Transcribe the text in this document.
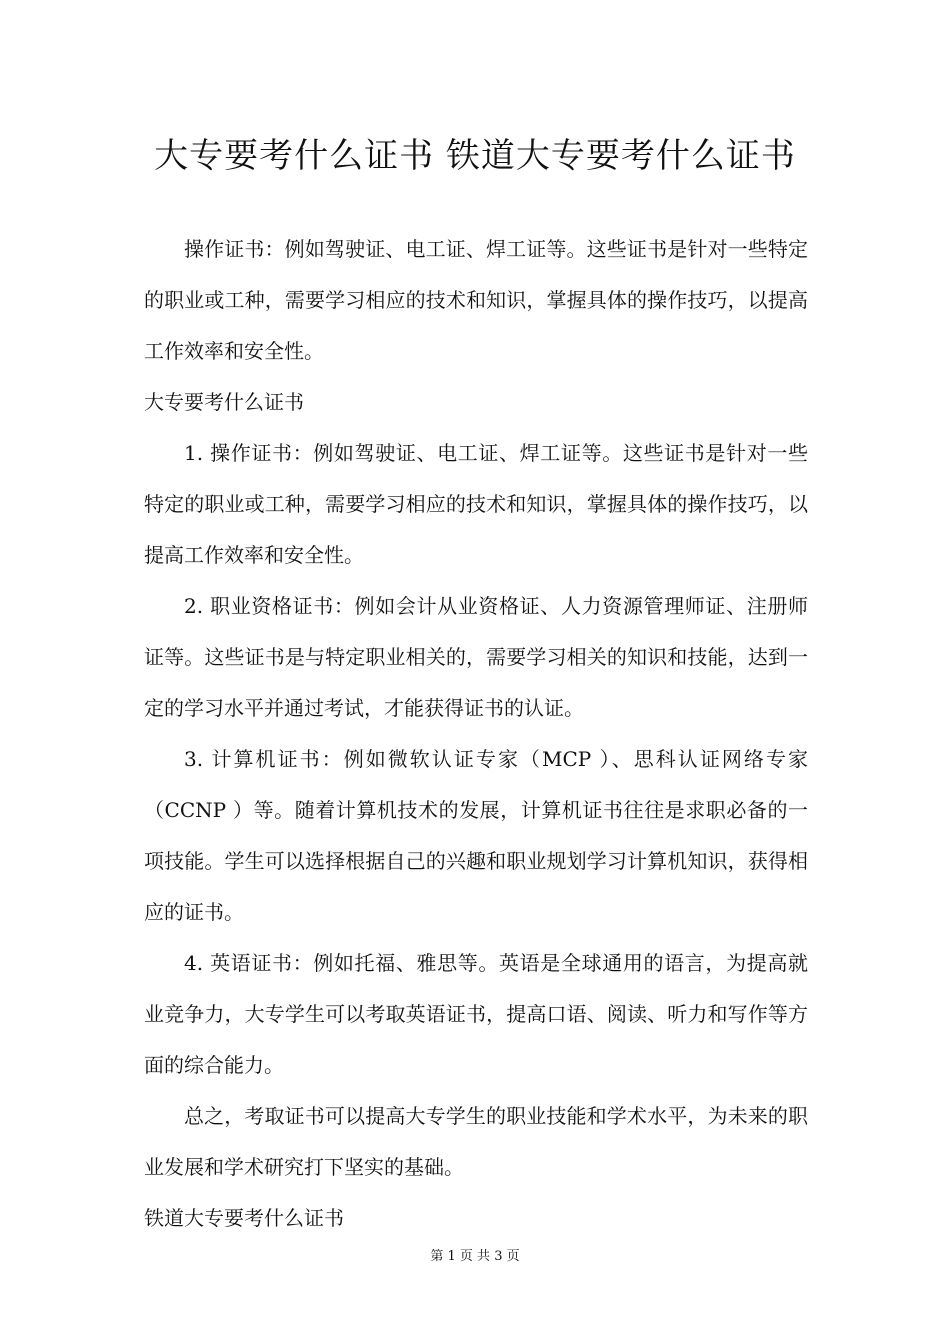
大专要考什么证书 铁道大专要考什么证书

操作证书：例如驾驶证、电工证、焊工证等。这些证书是针对一些特定的职业或工种，需要学习相应的技术和知识，掌握具体的操作技巧，以提高工作效率和安全性。

大专要考什么证书

1. 操作证书：例如驾驶证、电工证、焊工证等。这些证书是针对一些特定的职业或工种，需要学习相应的技术和知识，掌握具体的操作技巧，以提高工作效率和安全性。

2. 职业资格证书：例如会计从业资格证、人力资源管理师证、注册师证等。这些证书是与特定职业相关的，需要学习相关的知识和技能，达到一定的学习水平并通过考试，才能获得证书的认证。

3. 计算机证书：例如微软认证专家（MCP ）、思科认证网络专家（CCNP ）等。随着计算机技术的发展，计算机证书往往是求职必备的一项技能。学生可以选择根据自己的兴趣和职业规划学习计算机知识，获得相应的证书。

4. 英语证书：例如托福、雅思等。英语是全球通用的语言，为提高就业竞争力，大专学生可以考取英语证书，提高口语、阅读、听力和写作等方面的综合能力。

总之，考取证书可以提高大专学生的职业技能和学术水平，为未来的职业发展和学术研究打下坚实的基础。

铁道大专要考什么证书

第 1 页 共 3 页
